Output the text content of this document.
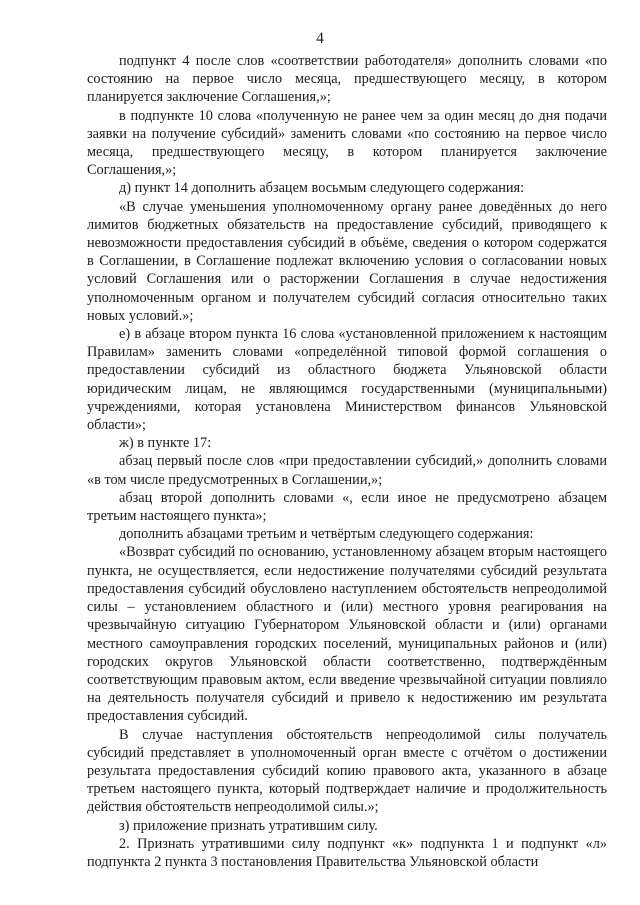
4

подпункт 4 после слов «соответствии работодателя» дополнить словами «по состоянию на первое число месяца, предшествующего месяцу, в котором планируется заключение Соглашения,»;

в подпункте 10 слова «полученную не ранее чем за один месяц до дня подачи заявки на получение субсидий» заменить словами «по состоянию на первое число месяца, предшествующего месяцу, в котором планируется заключение Соглашения,»;

д) пункт 14 дополнить абзацем восьмым следующего содержания:

«В случае уменьшения уполномоченному органу ранее доведённых до него лимитов бюджетных обязательств на предоставление субсидий, приводящего к невозможности предоставления субсидий в объёме, сведения о котором содержатся в Соглашении, в Соглашение подлежат включению условия о согласовании новых условий Соглашения или о расторжении Соглашения в случае недостижения уполномоченным органом и получателем субсидий согласия относительно таких новых условий.»;

е) в абзаце втором пункта 16 слова «установленной приложением к настоящим Правилам» заменить словами «определённой типовой формой соглашения о предоставлении субсидий из областного бюджета Ульяновской области юридическим лицам, не являющимся государственными (муниципальными) учреждениями, которая установлена Министерством финансов Ульяновской области»;

ж) в пункте 17:

абзац первый после слов «при предоставлении субсидий,» дополнить словами «в том числе предусмотренных в Соглашении,»;

абзац второй дополнить словами «, если иное не предусмотрено абзацем третьим настоящего пункта»;

дополнить абзацами третьим и четвёртым следующего содержания:

«Возврат субсидий по основанию, установленному абзацем вторым настоящего пункта, не осуществляется, если недостижение получателями субсидий результата предоставления субсидий обусловлено наступлением обстоятельств непреодолимой силы – установлением областного и (или) местного уровня реагирования на чрезвычайную ситуацию Губернатором Ульяновской области и (или) органами местного самоуправления городских поселений, муниципальных районов и (или) городских округов Ульяновской области соответственно, подтверждённым соответствующим правовым актом, если введение чрезвычайной ситуации повлияло на деятельность получателя субсидий и привело к недостижению им результата предоставления субсидий.

В случае наступления обстоятельств непреодолимой силы получатель субсидий представляет в уполномоченный орган вместе с отчётом о достижении результата предоставления субсидий копию правового акта, указанного в абзаце третьем настоящего пункта, который подтверждает наличие и продолжительность действия обстоятельств непреодолимой силы.»;

з) приложение признать утратившим силу.

2. Признать утратившими силу подпункт «к» подпункта 1 и подпункт «л» подпункта 2 пункта 3 постановления Правительства Ульяновской области
